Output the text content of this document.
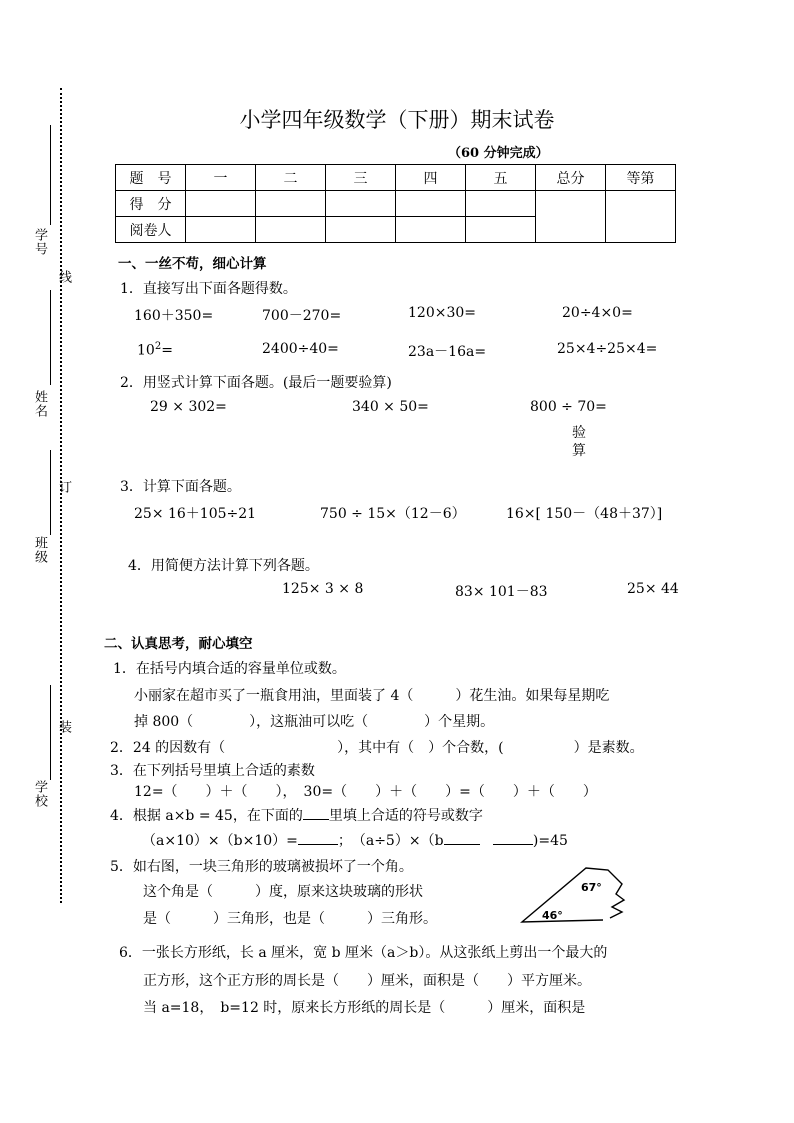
学号
线
姓名
订
班级
装
学校
小学四年级数学（下册）期末试卷
（60 分钟完成）
题　号	一	二	三	四	五	总分	等第
得　分							
阅卷人							
一、一丝不苟，细心计算
1．直接写出下面各题得数。
160＋350=	700－270=	120×30=	20÷4×0=
$10^2=$	2400÷40=	23a－16a=	25×4÷25×4=
2．用竖式计算下面各题。(最后一题要验算)
29 × 302=	340 × 50=	800 ÷ 70=
验
算
3．计算下面各题。
25× 16＋105÷21	750 ÷ 15×（12－6）	16×[ 150－（48＋37）]
4．用简便方法计算下列各题。
125× 3 × 8	83× 101－83	25× 44
二、认真思考，耐心填空
1．在括号内填合适的容量单位或数。
小丽家在超市买了一瓶食用油，里面装了 4（　　　）花生油。如果每星期吃
掉 800（　　　　），这瓶油可以吃（　　　　）个星期。
2．24 的因数有（　　　　　　　　），其中有（　）个合数，(　　　　　）是素数。
3．在下列括号里填上合适的素数
12=（　　）＋（　　），　30=（　　）＋（　　）=（　　）＋（　　）
4．根据 a×b = 45，在下面的 里填上合适的符号或数字
（a×10）×（b×10）=	；　（a÷5）×（b	)=45
5．如右图，一块三角形的玻璃被损坏了一个角。
这个角是（　　　）度，原来这块玻璃的形状
是（　　　）三角形，也是（　　　）三角形。
67°
46°
6．一张长方形纸，长 a 厘米，宽 b 厘米（a＞b）。从这张纸上剪出一个最大的
正方形，这个正方形的周长是（　　）厘米，面积是（　　）平方厘米。
当 a=18，　b=12 时，原来长方形纸的周长是（　　　）厘米，面积是
